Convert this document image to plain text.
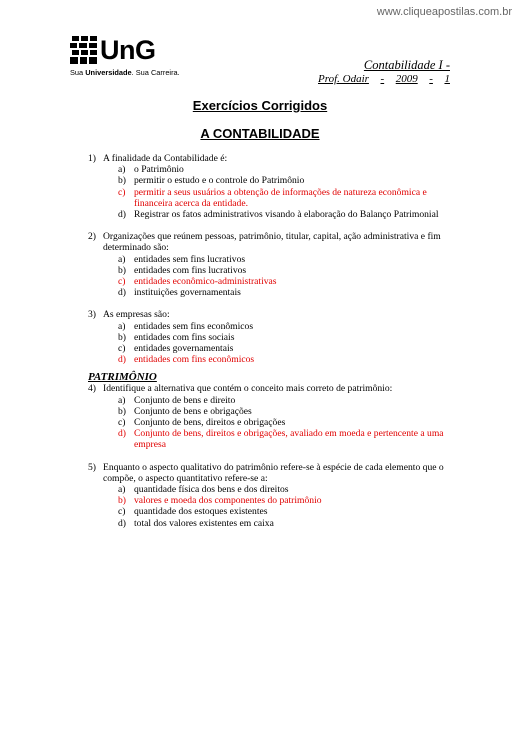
www.cliqueapostilas.com.br
UnG
Sua Universidade. Sua Carreira.
Contabilidade I -
Prof. Odair - 2009 - 1
Exercícios Corrigidos
A CONTABILIDADE
1) A finalidade da Contabilidade é:
a) o Patrimônio
b) permitir o estudo e o controle do Patrimônio
c) permitir a seus usuários a obtenção de informações de natureza econômica e financeira acerca da entidade.
d) Registrar os fatos administrativos visando à elaboração do Balanço Patrimonial
2) Organizações que reúnem pessoas, patrimônio, titular, capital, ação administrativa e fim determinado são:
a) entidades sem fins lucrativos
b) entidades com fins lucrativos
c) entidades econômico-administrativas
d) instituições governamentais
3) As empresas são:
a) entidades sem fins econômicos
b) entidades com fins sociais
c) entidades governamentais
d) entidades com fins econômicos
PATRIMÔNIO
4) Identifique a alternativa que contém o conceito mais correto de patrimônio:
a) Conjunto de bens e direito
b) Conjunto de bens e obrigações
c) Conjunto de bens, direitos e obrigações
d) Conjunto de bens, direitos e obrigações, avaliado em moeda e pertencente a uma empresa
5) Enquanto o aspecto qualitativo do patrimônio refere-se à espécie de cada elemento que o compõe, o aspecto quantitativo refere-se a:
a) quantidade física dos bens e dos direitos
b) valores e moeda dos componentes do patrimônio
c) quantidade dos estoques existentes
d) total dos valores existentes em caixa
